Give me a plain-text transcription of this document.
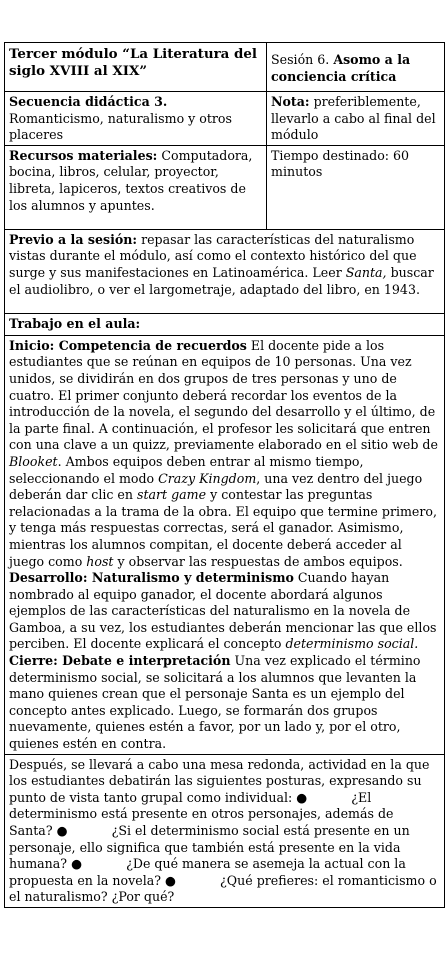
Tercer módulo “La Literatura del siglo XVIII al XIX”	Sesión 6. Asomo a la conciencia crítica

Secuencia didáctica 3.
Romanticismo, naturalismo y otros placeres	Nota: preferiblemente, llevarlo a cabo al final del módulo
Recursos materiales: Computadora, bocina, libros, celular, proyector, libreta, lapiceros, textos creativos de los alumnos y apuntes.	Tiempo destinado: 60 minutos
Previo a la sesión: repasar las características del naturalismo vistas durante el módulo, así como el contexto histórico del que surge y sus manifestaciones en Latinoamérica. Leer Santa, buscar el audiolibro, o ver el largometraje, adaptado del libro, en 1943.	
Trabajo en el aula:	
Inicio: Competencia de recuerdos El docente pide a los estudiantes que se reúnan en equipos de 10 personas. Una vez unidos, se dividirán en dos grupos de tres personas y uno de cuatro. El primer conjunto deberá recordar los eventos de la introducción de la novela, el segundo del desarrollo y el último, de la parte final. A continuación, el profesor les solicitará que entren con una clave a un quizz, previamente elaborado en el sitio web de Blooket. Ambos equipos deben entrar al mismo tiempo, seleccionando el modo Crazy Kingdom, una vez dentro del juego deberán dar clic en start game y contestar las preguntas relacionadas a la trama de la obra. El equipo que termine primero, y tenga más respuestas correctas, será el ganador. Asimismo, mientras los alumnos compitan, el docente deberá acceder al juego como host y observar las respuestas de ambos equipos. Desarrollo: Naturalismo y determinismo Cuando hayan nombrado al equipo ganador, el docente abordará algunos ejemplos de las características del naturalismo en la novela de Gamboa, a su vez, los estudiantes deberán mencionar las que ellos perciben. El docente explicará el concepto determinismo social. Cierre: Debate e interpretación Una vez explicado el término determinismo social, se solicitará a los alumnos que levanten la mano quienes crean que el personaje Santa es un ejemplo del concepto antes explicado. Luego, se formarán dos grupos nuevamente, quienes estén a favor, por un lado y, por el otro, quienes estén en contra.	
Después, se llevará a cabo una mesa redonda, actividad en la que los estudiantes debatirán las siguientes posturas, expresando su punto de vista tanto grupal como individual: ● ¿El determinismo está presente en otros personajes, además de Santa? ● ¿Si el determinismo social está presente en un personaje, ello significa que también está presente en la vida humana? ● ¿De qué manera se asemeja la actual con la propuesta en la novela? ● ¿Qué prefieres: el romanticismo o el naturalismo? ¿Por qué?	
